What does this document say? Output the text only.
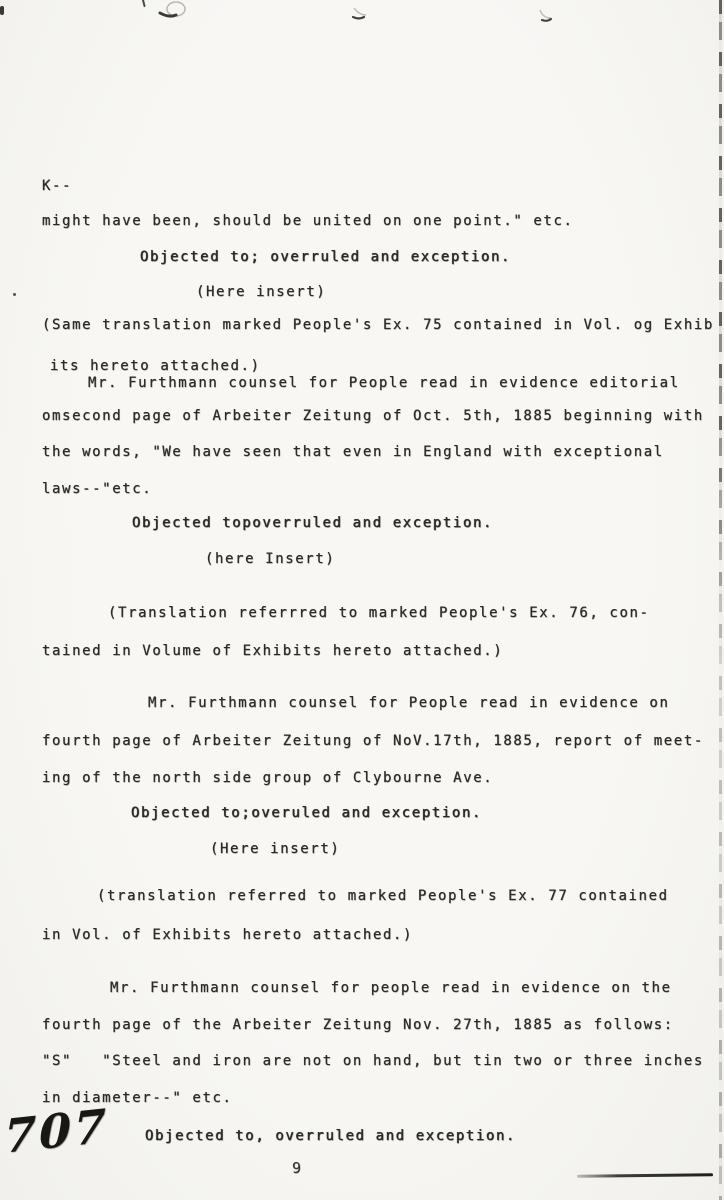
K--
might have been, should be united on one point." etc.
Objected to; overruled and exception.
(Here insert)
(Same translation marked People's Ex. 75 contained in Vol. og Exhib
its hereto attached.)
Mr. Furthmann counsel for People read in evidence editorial
omsecond page of Arbeiter Zeitung of Oct. 5th, 1885 beginning with
the words, "We have seen that even in England with exceptional
laws--"etc.
Objected topoverruled and exception.
(here Insert)
(Translation referrred to marked People's Ex. 76, con-
tained in Volume of Exhibits hereto attached.)
Mr. Furthmann counsel for People read in evidence on
fourth page of Arbeiter Zeitung of NoV.17th, 1885, report of meet-
ing of the north side group of Clybourne Ave.
Objected to;overuled and exception.
(Here insert)
(translation referred to marked People's Ex. 77 contained
in Vol. of Exhibits hereto attached.)
Mr. Furthmann counsel for people read in evidence on the
fourth page of the Arbeiter Zeitung Nov. 27th, 1885 as follows:
"S"   "Steel and iron are not on hand, but tin two or three inches
in diameter--" etc.
Objected to, overruled and exception.
707
9
